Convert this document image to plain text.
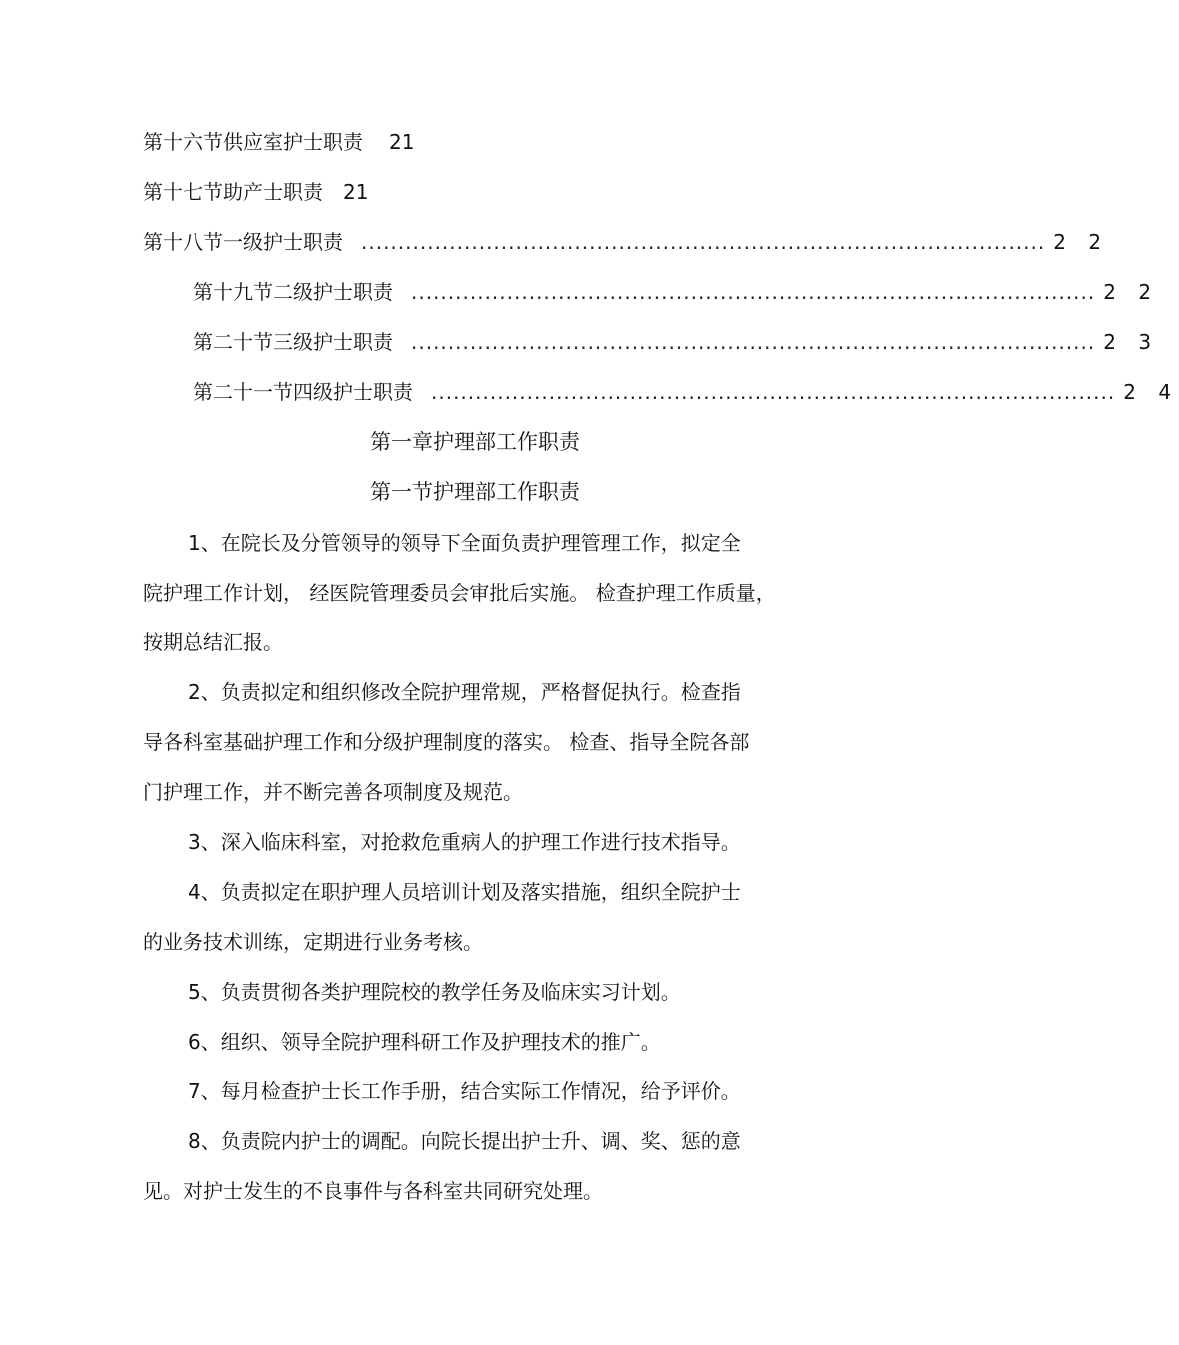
第十六节供应室护士职责 21
第十七节助产士职责 21
第十八节一级护士职责 ............................................................................................. 2 2
第十九节二级护士职责 ............................................................................................. 2 2
第二十节三级护士职责 ............................................................................................. 2 3
第二十一节四级护士职责 ............................................................................................. 2 4
第一章护理部工作职责
第一节护理部工作职责
1、在院长及分管领导的领导下全面负责护理管理工作，拟定全
院护理工作计划， 经医院管理委员会审批后实施。 检查护理工作质量，
按期总结汇报。
2、负责拟定和组织修改全院护理常规，严格督促执行。检查指
导各科室基础护理工作和分级护理制度的落实。 检查、指导全院各部
门护理工作，并不断完善各项制度及规范。
3、深入临床科室，对抢救危重病人的护理工作进行技术指导。
4、负责拟定在职护理人员培训计划及落实措施，组织全院护士
的业务技术训练，定期进行业务考核。
5、负责贯彻各类护理院校的教学任务及临床实习计划。
6、组织、领导全院护理科研工作及护理技术的推广。
7、每月检查护士长工作手册，结合实际工作情况，给予评价。
8、负责院内护士的调配。向院长提出护士升、调、奖、惩的意
见。对护士发生的不良事件与各科室共同研究处理。
